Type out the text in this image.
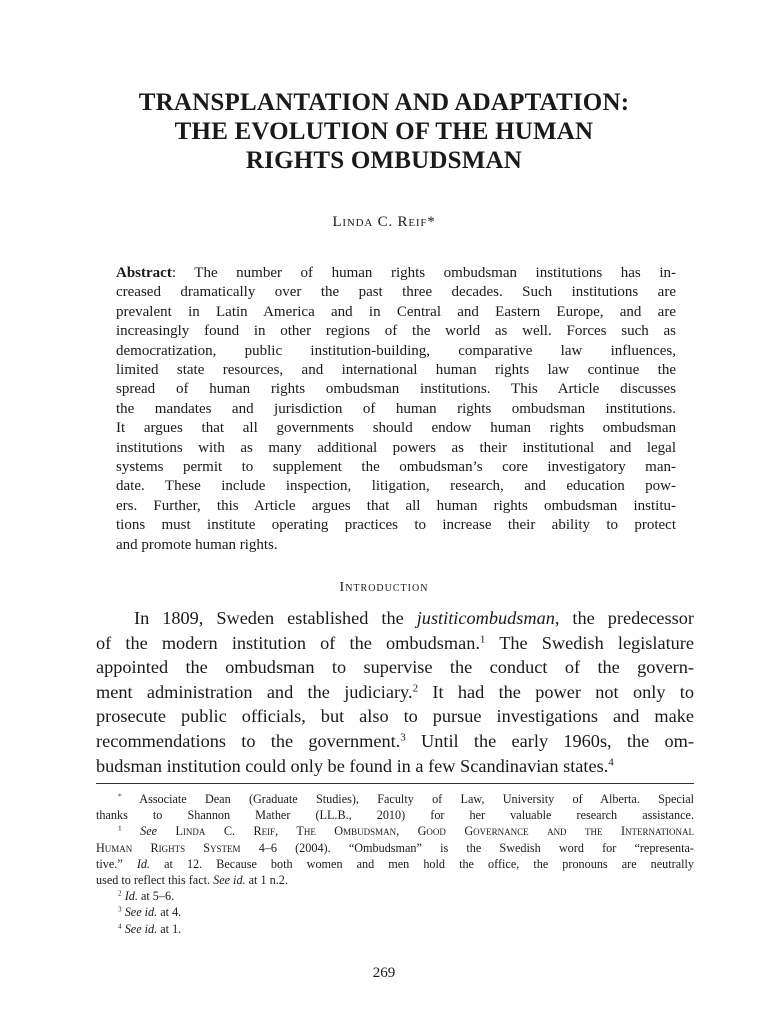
TRANSPLANTATION AND ADAPTATION:
THE EVOLUTION OF THE HUMAN
RIGHTS OMBUDSMAN
Linda C. Reif*
Abstract: The number of human rights ombudsman institutions has in-
creased dramatically over the past three decades. Such institutions are
prevalent in Latin America and in Central and Eastern Europe, and are
increasingly found in other regions of the world as well. Forces such as
democratization, public institution-building, comparative law influences,
limited state resources, and international human rights law continue the
spread of human rights ombudsman institutions. This Article discusses
the mandates and jurisdiction of human rights ombudsman institutions.
It argues that all governments should endow human rights ombudsman
institutions with as many additional powers as their institutional and legal
systems permit to supplement the ombudsman’s core investigatory man-
date. These include inspection, litigation, research, and education pow-
ers. Further, this Article argues that all human rights ombudsman institu-
tions must institute operating practices to increase their ability to protect
and promote human rights.
Introduction
In 1809, Sweden established the justiticombudsman, the predecessor
of the modern institution of the ombudsman.$^1$ The Swedish legislature
appointed the ombudsman to supervise the conduct of the govern-
ment administration and the judiciary.$^2$ It had the power not only to
prosecute public officials, but also to pursue investigations and make
recommendations to the government.$^3$ Until the early 1960s, the om-
budsman institution could only be found in a few Scandinavian states.$^4$
* Associate Dean (Graduate Studies), Faculty of Law, University of Alberta. Special
thanks to Shannon Mather (LL.B., 2010) for her valuable research assistance.
$^1$ See Linda C. Reif, The Ombudsman, Good Governance and the International
Human Rights System 4–6 (2004). “Ombudsman” is the Swedish word for “representa-
tive.” Id. at 12. Because both women and men hold the office, the pronouns are neutrally
used to reflect this fact. See id. at 1 n.2.
$^2$ Id. at 5–6.
$^3$ See id. at 4.
$^4$ See id. at 1.
269
